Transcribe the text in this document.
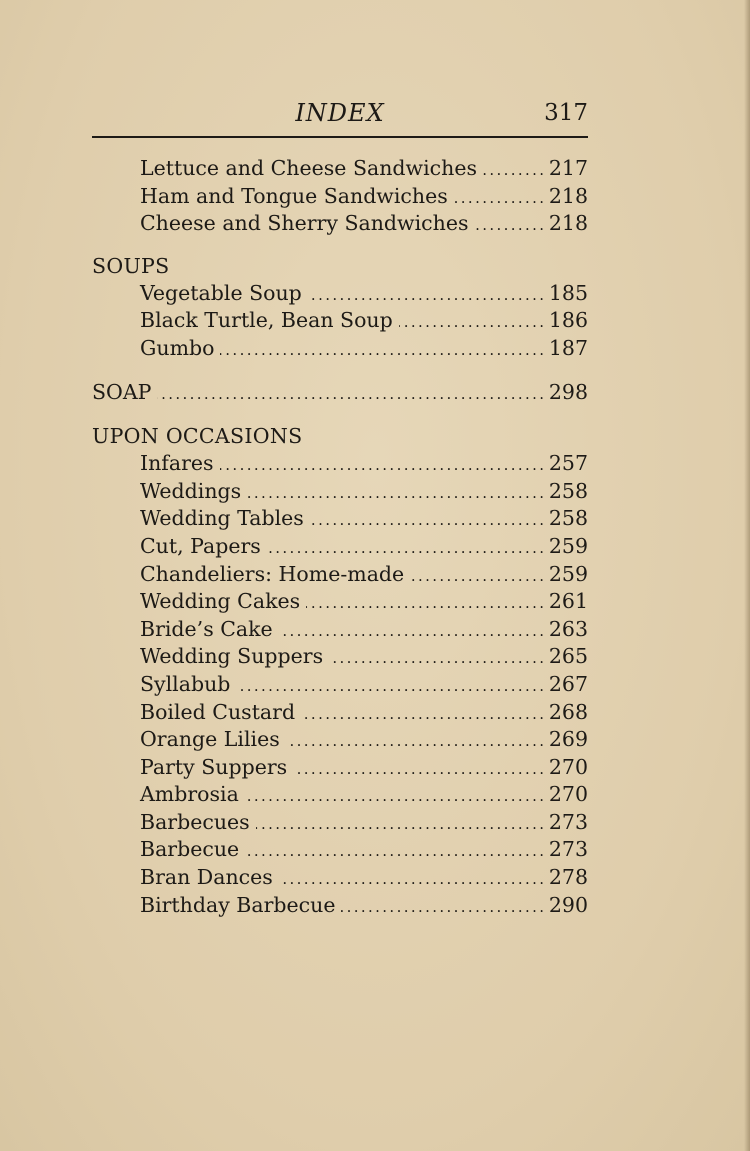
INDEX	317
Lettuce and Cheese Sandwiches . . .	217
Ham and Tongue Sandwiches . . .	218
Cheese and Sherry Sandwiches . . .	218
SOUPS
Vegetable Soup . . .	185
Black Turtle, Bean Soup . . .	186
Gumbo . . .	187
SOAP . . .	298
UPON OCCASIONS
Infares . . .	257
Weddings . . .	258
Wedding Tables . . .	258
Cut, Papers . . .	259
Chandeliers: Home-made . . .	259
Wedding Cakes . . .	261
Bride’s Cake . . .	263
Wedding Suppers . . .	265
Syllabub . . .	267
Boiled Custard . . .	268
Orange Lilies . . .	269
Party Suppers . . .	270
Ambrosia . . .	270
Barbecues . . .	273
Barbecue . . .	273
Bran Dances . . .	278
Birthday Barbecue . . .	290
